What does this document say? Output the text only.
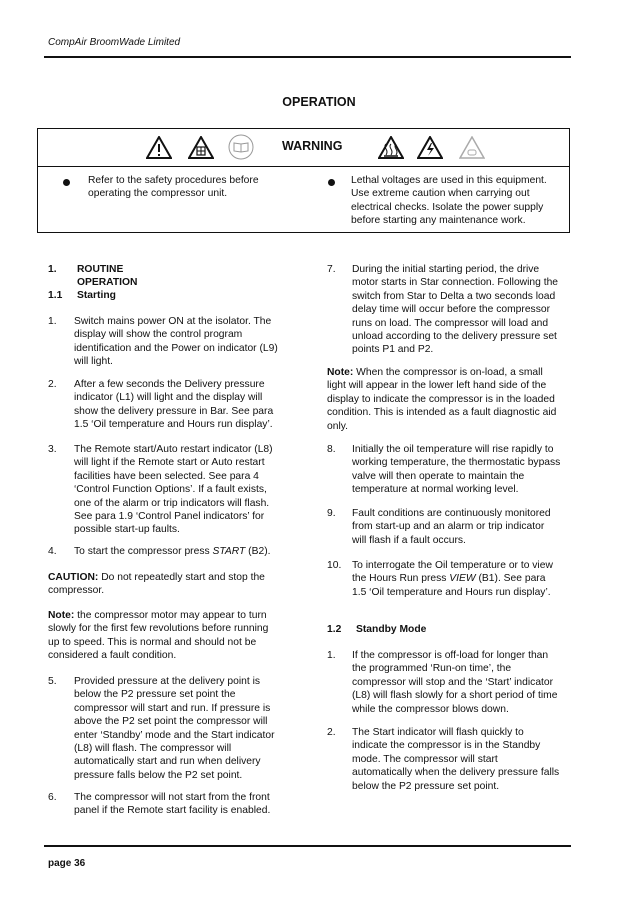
CompAir BroomWade Limited
OPERATION
WARNING
Refer to the safety procedures before
operating the compressor unit.
Lethal voltages are used in this equipment.
Use extreme caution when carrying out
electrical checks. Isolate the power supply
before starting any maintenance work.
1. ROUTINE OPERATION
1.1 Starting
1. Switch mains power ON at the isolator. The
display will show the control program
identification and the Power on indicator (L9)
will light.
2. After a few seconds the Delivery pressure
indicator (L1) will light and the display will
show the delivery pressure in Bar. See para
1.5 ‘Oil temperature and Hours run display’.
3. The Remote start/Auto restart indicator (L8)
will light if the Remote start or Auto restart
facilities have been selected. See para 4
‘Control Function Options’. If a fault exists,
one of the alarm or trip indicators will flash.
See para 1.9 ‘Control Panel indicators’ for
possible start-up faults.
4. To start the compressor press START (B2).
CAUTION: Do not repeatedly start and stop the
compressor.
Note: the compressor motor may appear to turn
slowly for the first few revolutions before running
up to speed. This is normal and should not be
considered a fault condition.
5. Provided pressure at the delivery point is
below the P2 pressure set point the
compressor will start and run. If pressure is
above the P2 set point the compressor will
enter ‘Standby’ mode and the Start indicator
(L8) will flash. The compressor will
automatically start and run when delivery
pressure falls below the P2 set point.
6. The compressor will not start from the front
panel if the Remote start facility is enabled.
7. During the initial starting period, the drive
motor starts in Star connection. Following the
switch from Star to Delta a two seconds load
delay time will occur before the compressor
runs on load. The compressor will load and
unload according to the delivery pressure set
points P1 and P2.
Note: When the compressor is on-load, a small
light will appear in the lower left hand side of the
display to indicate the compressor is in the loaded
condition. This is intended as a fault diagnostic aid
only.
8. Initially the oil temperature will rise rapidly to
working temperature, the thermostatic bypass
valve will then operate to maintain the
temperature at normal working level.
9. Fault conditions are continuously monitored
from start-up and an alarm or trip indicator
will flash if a fault occurs.
10. To interrogate the Oil temperature or to view
the Hours Run press VIEW (B1). See para
1.5 ‘Oil temperature and Hours run display’.
1.2 Standby Mode
1. If the compressor is off-load for longer than
the programmed ‘Run-on time’, the
compressor will stop and the ‘Start’ indicator
(L8) will flash slowly for a short period of time
while the compressor blows down.
2. The Start indicator will flash quickly to
indicate the compressor is in the Standby
mode. The compressor will start
automatically when the delivery pressure falls
below the P2 pressure set point.
page 36
